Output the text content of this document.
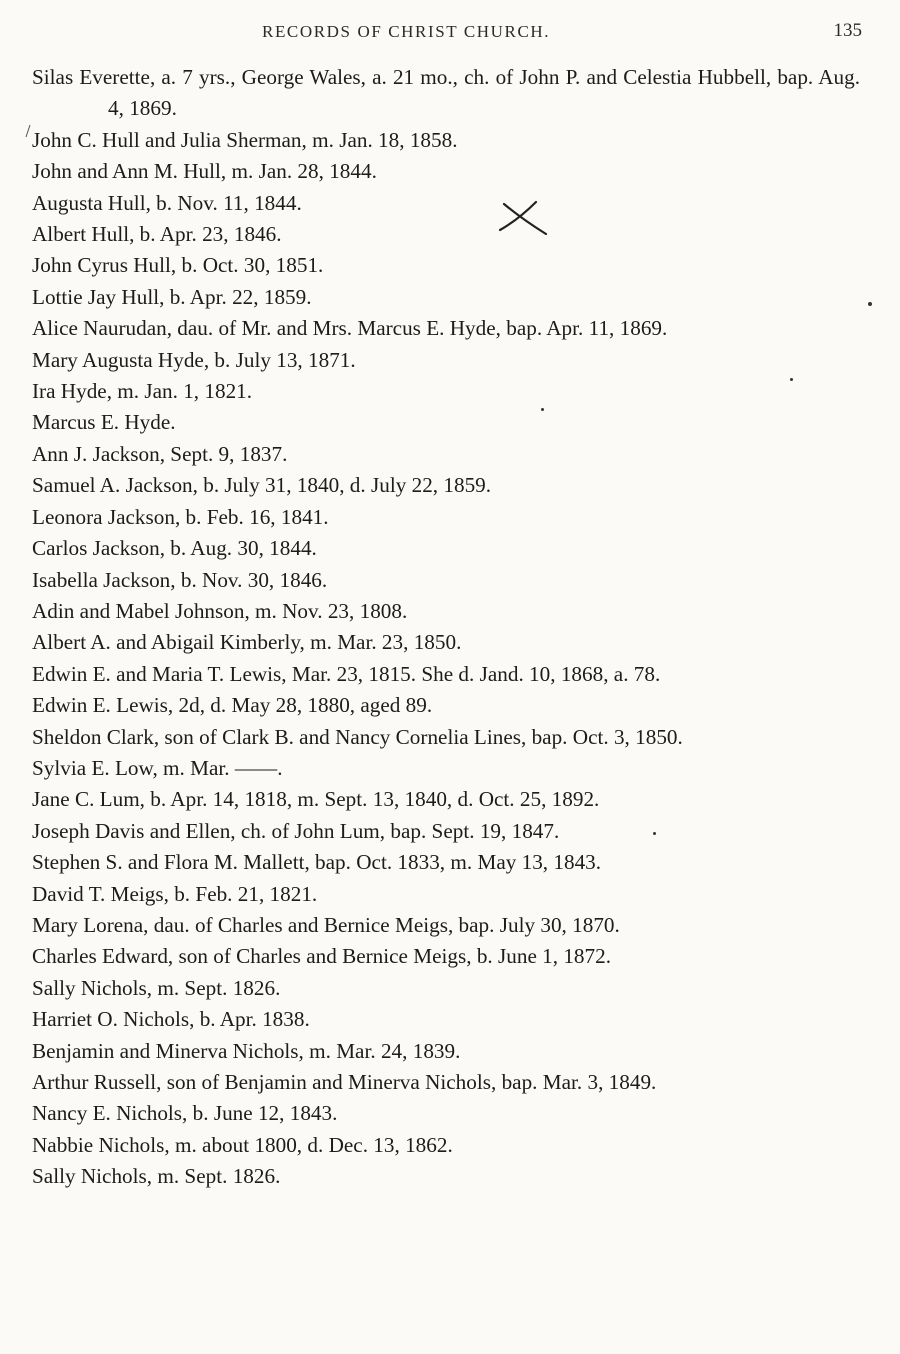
RECORDS OF CHRIST CHURCH.	135
Silas Everette, a. 7 yrs., George Wales, a. 21 mo., ch. of John P. and Celestia Hubbell, bap. Aug. 4, 1869.
John C. Hull and Julia Sherman, m. Jan. 18, 1858.
John and Ann M. Hull, m. Jan. 28, 1844.
Augusta Hull, b. Nov. 11, 1844.
Albert Hull, b. Apr. 23, 1846.
John Cyrus Hull, b. Oct. 30, 1851.
Lottie Jay Hull, b. Apr. 22, 1859.
Alice Naurudan, dau. of Mr. and Mrs. Marcus E. Hyde, bap. Apr. 11, 1869.
Mary Augusta Hyde, b. July 13, 1871.
Ira Hyde, m. Jan. 1, 1821.
Marcus E. Hyde.
Ann J. Jackson, Sept. 9, 1837.
Samuel A. Jackson, b. July 31, 1840, d. July 22, 1859.
Leonora Jackson, b. Feb. 16, 1841.
Carlos Jackson, b. Aug. 30, 1844.
Isabella Jackson, b. Nov. 30, 1846.
Adin and Mabel Johnson, m. Nov. 23, 1808.
Albert A. and Abigail Kimberly, m. Mar. 23, 1850.
Edwin E. and Maria T. Lewis, Mar. 23, 1815. She d. Jand. 10, 1868, a. 78.
Edwin E. Lewis, 2d, d. May 28, 1880, aged 89.
Sheldon Clark, son of Clark B. and Nancy Cornelia Lines, bap. Oct. 3, 1850.
Sylvia E. Low, m. Mar. ——.
Jane C. Lum, b. Apr. 14, 1818, m. Sept. 13, 1840, d. Oct. 25, 1892.
Joseph Davis and Ellen, ch. of John Lum, bap. Sept. 19, 1847.
Stephen S. and Flora M. Mallett, bap. Oct. 1833, m. May 13, 1843.
David T. Meigs, b. Feb. 21, 1821.
Mary Lorena, dau. of Charles and Bernice Meigs, bap. July 30, 1870.
Charles Edward, son of Charles and Bernice Meigs, b. June 1, 1872.
Sally Nichols, m. Sept. 1826.
Harriet O. Nichols, b. Apr. 1838.
Benjamin and Minerva Nichols, m. Mar. 24, 1839.
Arthur Russell, son of Benjamin and Minerva Nichols, bap. Mar. 3, 1849.
Nancy E. Nichols, b. June 12, 1843.
Nabbie Nichols, m. about 1800, d. Dec. 13, 1862.
Sally Nichols, m. Sept. 1826.
